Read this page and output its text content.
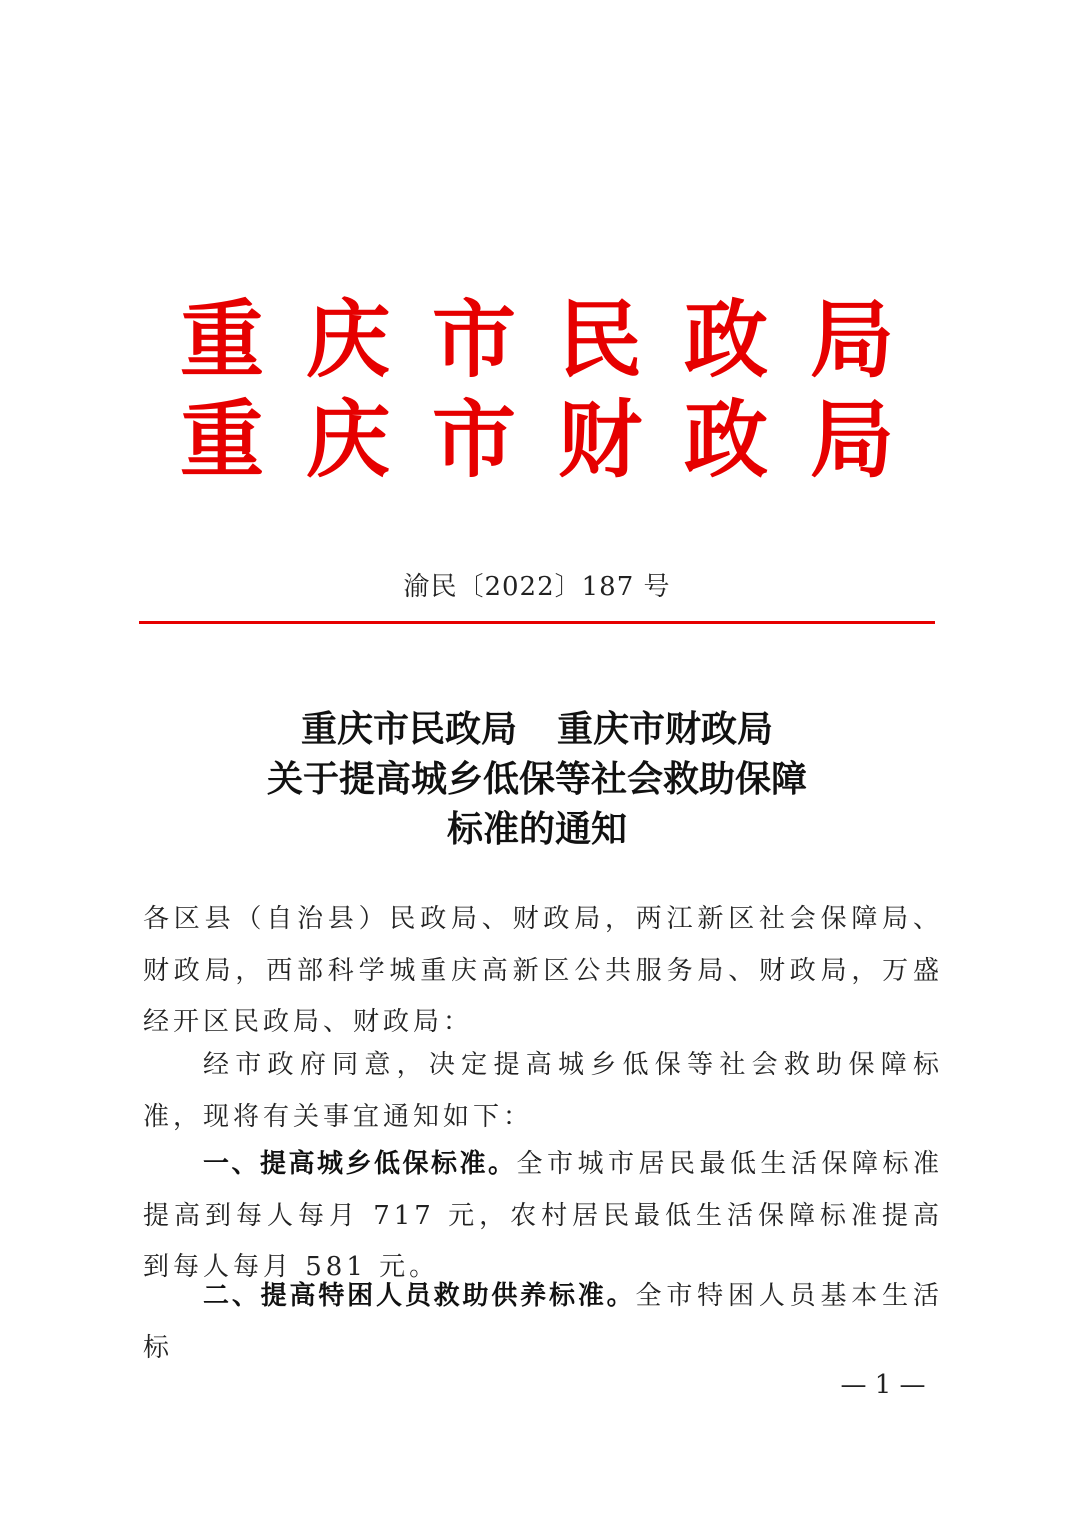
重庆市民政局
重庆市财政局
渝民〔2022〕187 号
重庆市民政局 重庆市财政局
关于提高城乡低保等社会救助保障
标准的通知

各区县（自治县）民政局、财政局，两江新区社会保障局、财政局，西部科学城重庆高新区公共服务局、财政局，万盛经开区民政局、财政局：

经市政府同意，决定提高城乡低保等社会救助保障标准，现将有关事宜通知如下：

一、提高城乡低保标准。全市城市居民最低生活保障标准提高到每人每月 717 元，农村居民最低生活保障标准提高到每人每月 581 元。

二、提高特困人员救助供养标准。全市特困人员基本生活标

— 1 —
